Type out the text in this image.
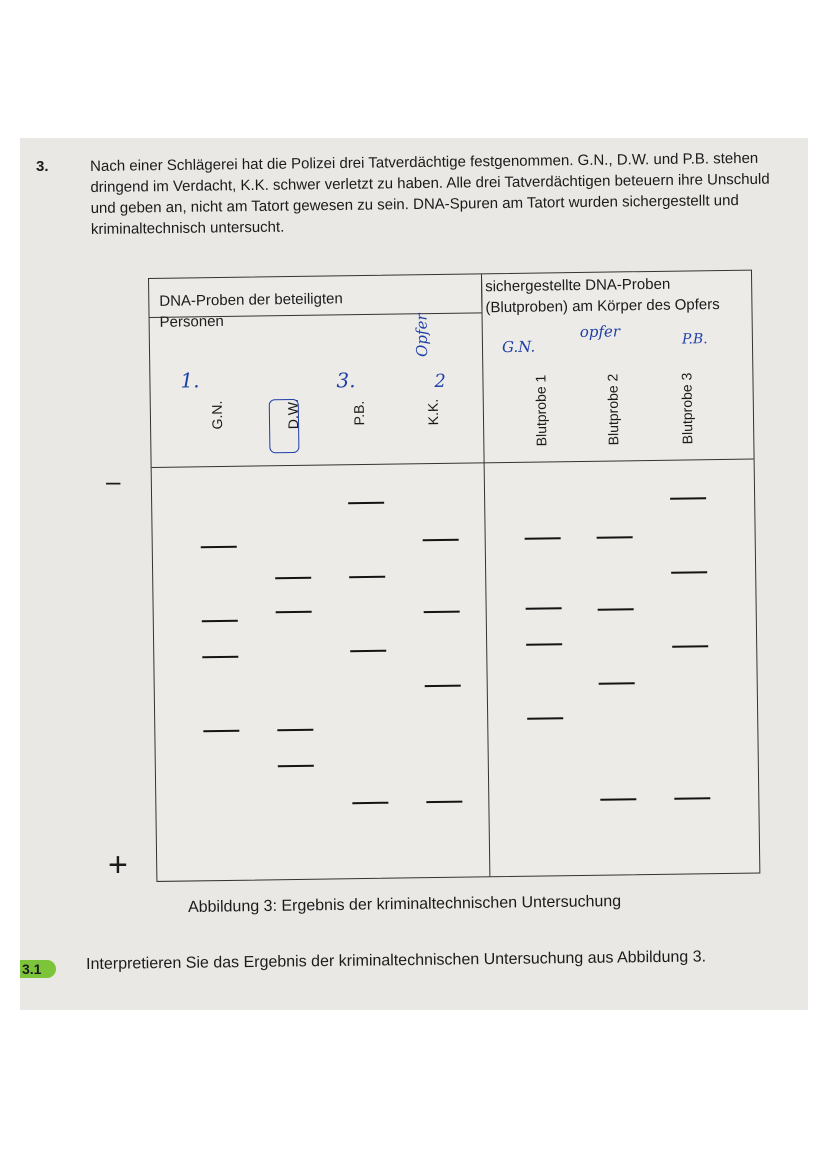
3.	Nach einer Schlägerei hat die Polizei drei Tatverdächtige festgenommen. G.N., D.W. und P.B. stehen dringend im Verdacht, K.K. schwer verletzt zu haben. Alle drei Tatverdächtigen beteuern ihre Unschuld und geben an, nicht am Tatort gewesen zu sein. DNA-Spuren am Tatort wurden sichergestellt und kriminaltechnisch untersucht.
–
+
DNA-Proben der beteiligten Personen
sichergestellte DNA-Proben (Blutproben) am Körper des Opfers
G.N.	D.W.	P.B.	K.K.	Blutprobe 1	Blutprobe 2	Blutprobe 3
1.	3.	2
Opfer	G.N.
opfer	P.B.
Abbildung 3: Ergebnis der kriminaltechnischen Untersuchung
3.1	Interpretieren Sie das Ergebnis der kriminaltechnischen Untersuchung aus Abbildung 3.
